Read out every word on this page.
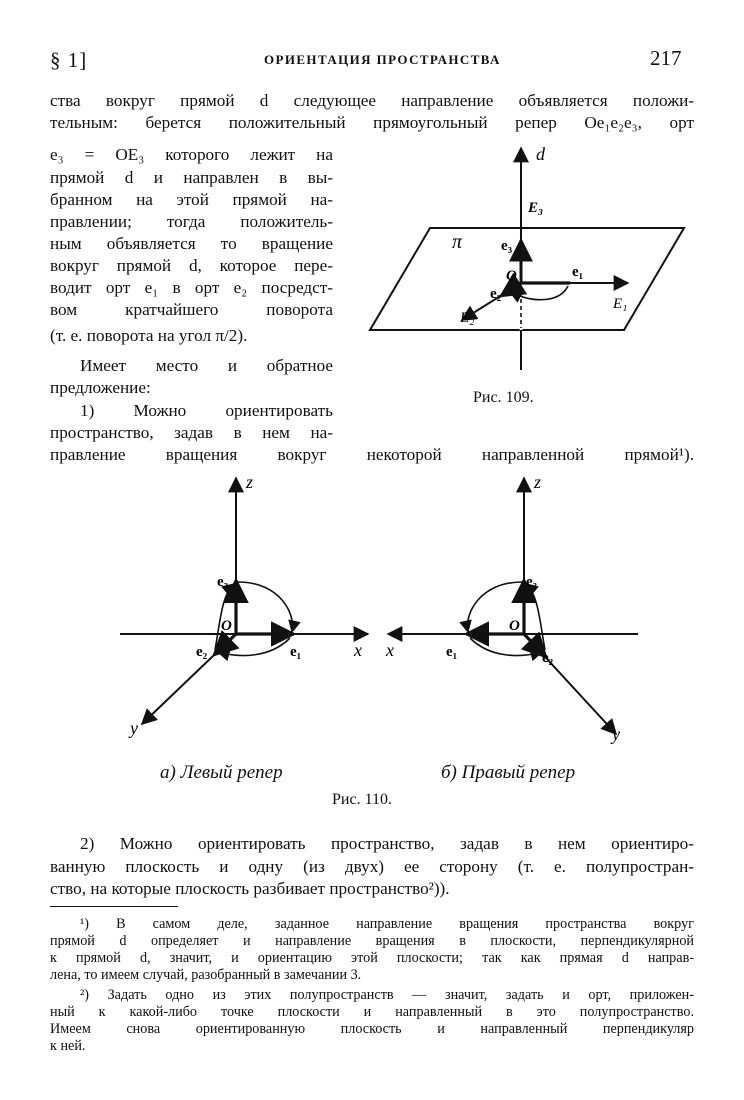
§ 1]	ОРИЕНТАЦИЯ ПРОСТРАНСТВА	217
ства вокруг прямой d следующее направление объявляется положи-
тельным: берется положительный прямоугольный репер Oe₁e₂e₃, орт
e₃ = OE₃ которого лежит на
прямой d и направлен в вы-
бранном на этой прямой на-
правлении; тогда положитель-
ным объявляется то вращение
вокруг прямой d, которое пере-
водит орт e₁ в орт e₂ посредст-
вом кратчайшего поворота
(т. е. поворота на угол π/2).
Имеет место и обратное
предложение:
1) Можно ориентировать
пространство, задав в нем на-
правление вращения вокруг некоторой направленной прямой¹).
d
E₃
π	e₃
O	e₁
e₂
E₁
E₂
Рис. 109.
z
e₃
O
e₂	e₁	x
y
z
e₃
O
e₁	e₂
x
y
а) Левый репер	б) Правый репер
Рис. 110.
2) Можно ориентировать пространство, задав в нем ориентиро-
ванную плоскость и одну (из двух) ее сторону (т. е. полупростран-
ство, на которые плоскость разбивает пространство²)).
¹) В самом деле, заданное направление вращения пространства вокруг
прямой d определяет и направление вращения в плоскости, перпендикулярной
к прямой d, значит, и ориентацию этой плоскости; так как прямая d направ-
лена, то имеем случай, разобранный в замечании 3.
²) Задать одно из этих полупространств — значит, задать и орт, приложен-
ный к какой-либо точке плоскости и направленный в это полупространство.
Имеем снова ориентированную плоскость и направленный перпендикуляр
к ней.
